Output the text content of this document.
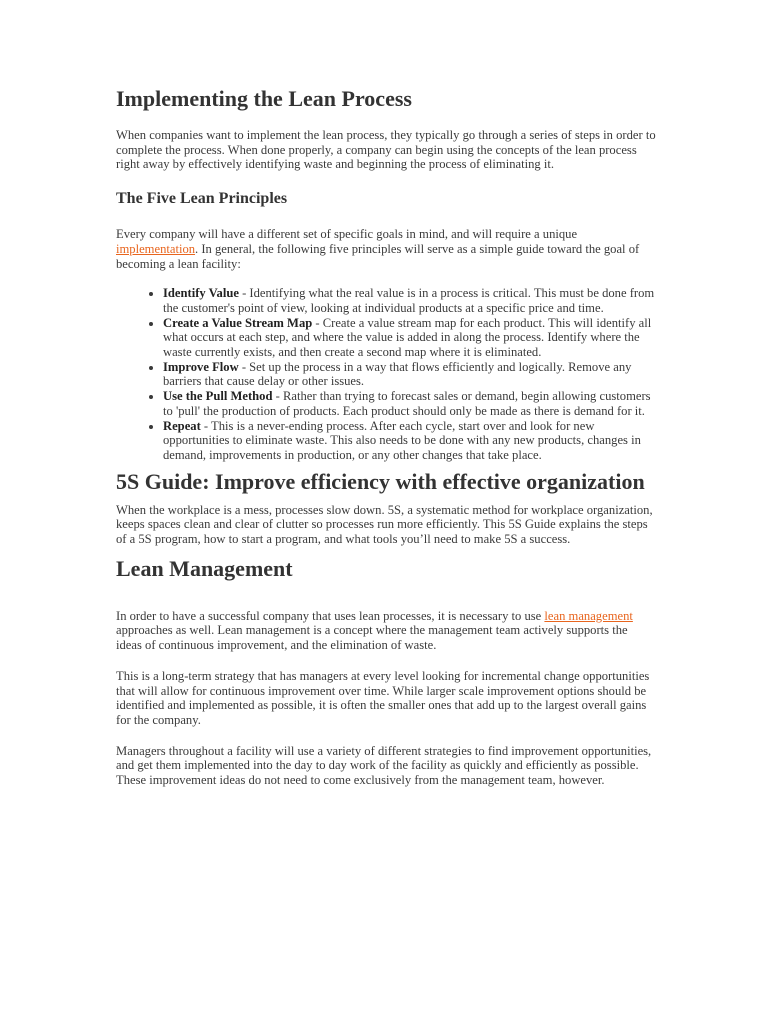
Implementing the Lean Process

When companies want to implement the lean process, they typically go through a series of steps in order to complete the process. When done properly, a company can begin using the concepts of the lean process right away by effectively identifying waste and beginning the process of eliminating it.

The Five Lean Principles

Every company will have a different set of specific goals in mind, and will require a unique implementation. In general, the following five principles will serve as a simple guide toward the goal of becoming a lean facility:

• Identify Value - Identifying what the real value is in a process is critical. This must be done from the customer's point of view, looking at individual products at a specific price and time.
• Create a Value Stream Map - Create a value stream map for each product. This will identify all what occurs at each step, and where the value is added in along the process. Identify where the waste currently exists, and then create a second map where it is eliminated.
• Improve Flow - Set up the process in a way that flows efficiently and logically. Remove any barriers that cause delay or other issues.
• Use the Pull Method - Rather than trying to forecast sales or demand, begin allowing customers to 'pull' the production of products. Each product should only be made as there is demand for it.
• Repeat - This is a never-ending process. After each cycle, start over and look for new opportunities to eliminate waste. This also needs to be done with any new products, changes in demand, improvements in production, or any other changes that take place.
5S Guide: Improve efficiency with effective organization

When the workplace is a mess, processes slow down. 5S, a systematic method for workplace organization, keeps spaces clean and clear of clutter so processes run more efficiently. This 5S Guide explains the steps of a 5S program, how to start a program, and what tools you’ll need to make 5S a success.

Lean Management

In order to have a successful company that uses lean processes, it is necessary to use lean management approaches as well. Lean management is a concept where the management team actively supports the ideas of continuous improvement, and the elimination of waste.

This is a long-term strategy that has managers at every level looking for incremental change opportunities that will allow for continuous improvement over time. While larger scale improvement options should be identified and implemented as possible, it is often the smaller ones that add up to the largest overall gains for the company.

Managers throughout a facility will use a variety of different strategies to find improvement opportunities, and get them implemented into the day to day work of the facility as quickly and efficiently as possible. These improvement ideas do not need to come exclusively from the management team, however.
